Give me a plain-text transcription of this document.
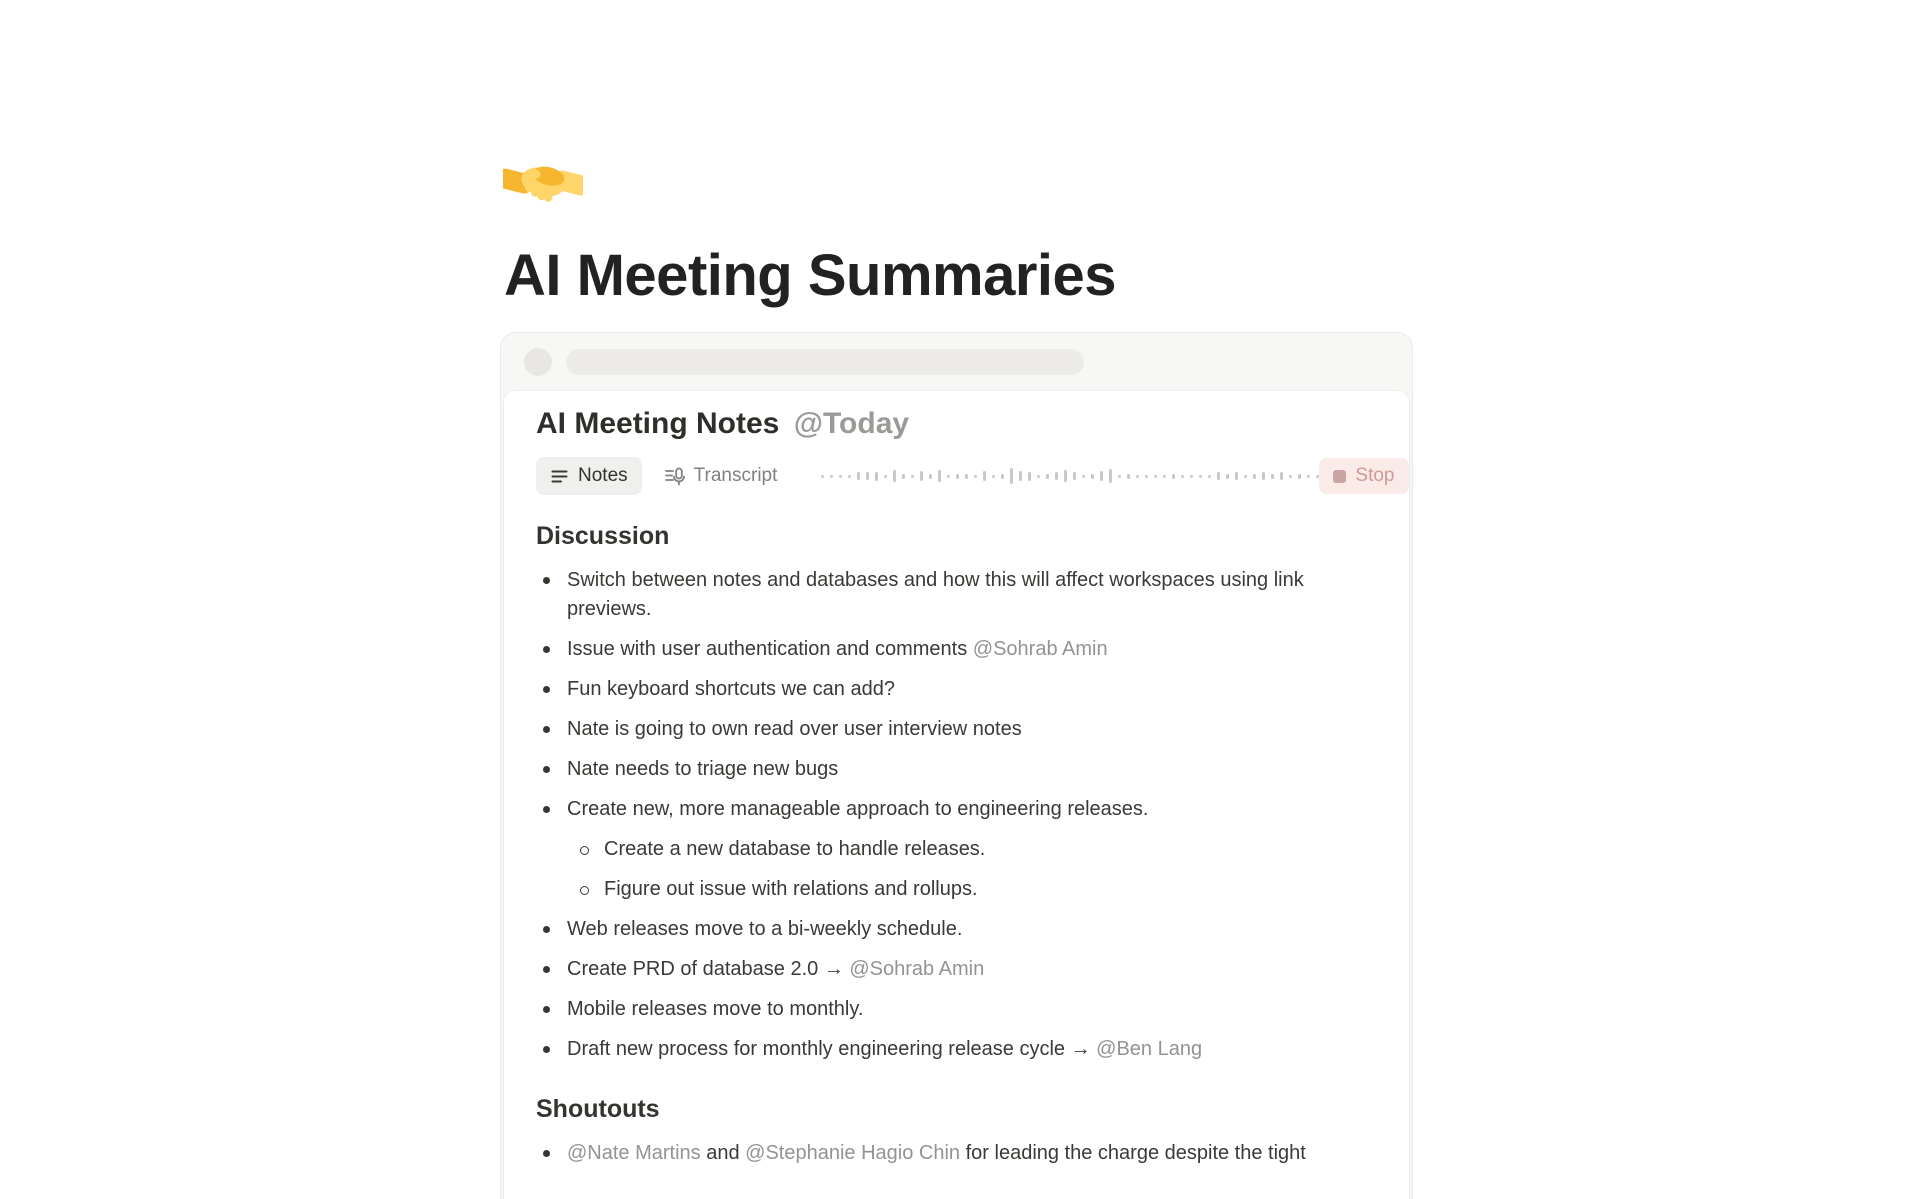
AI Meeting Summaries
AI Meeting Notes @Today
Notes	Transcript	Stop
Discussion
Switch between notes and databases and how this will affect workspaces using link previews.
Issue with user authentication and comments @Sohrab Amin
Fun keyboard shortcuts we can add?
Nate is going to own read over user interview notes
Nate needs to triage new bugs
Create new, more manageable approach to engineering releases.
Create a new database to handle releases.
Figure out issue with relations and rollups.
Web releases move to a bi-weekly schedule.
Create PRD of database 2.0 → @Sohrab Amin
Mobile releases move to monthly.
Draft new process for monthly engineering release cycle → @Ben Lang
Shoutouts
@Nate Martins and @Stephanie Hagio Chin for leading the charge despite the tight
